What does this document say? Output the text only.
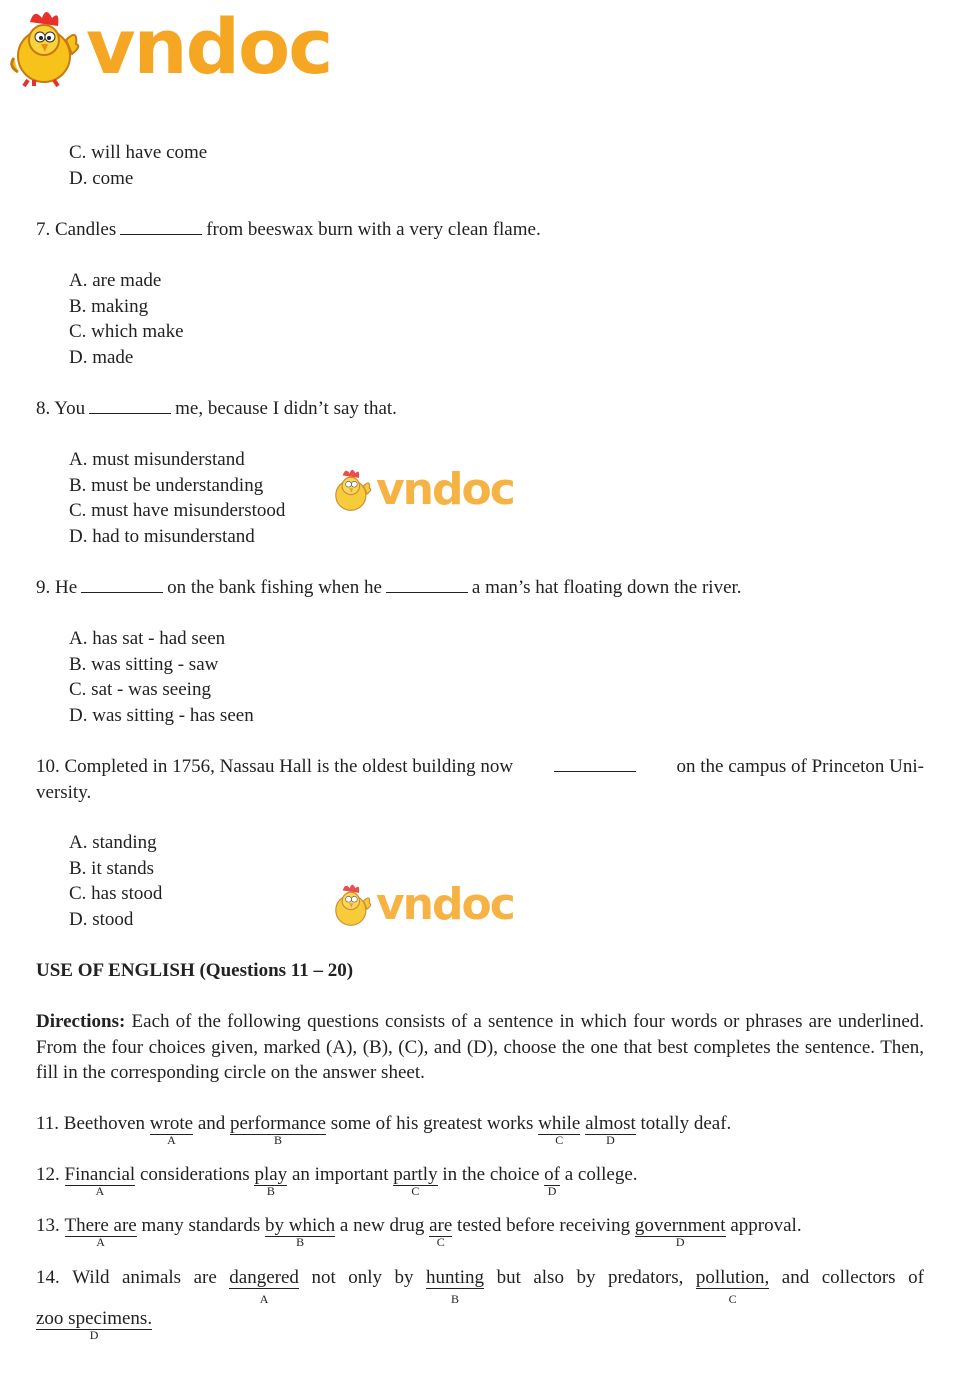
vndoc
vndoc
C. will have come
D. come
7. Candles	from beeswax burn with a very clean flame.
A. are made
B. making
C. which make
D. made
8. You	me, because I didn’t say that.
A. must misunderstand
B. must be understanding
C. must have misunderstood
D. had to misunderstand
9. He	on the bank fishing when he	a man’s hat floating down the river.
A. has sat - had seen
B. was sitting - saw
C. sat - was seeing
D. was sitting - has seen
10. Completed in 1756, Nassau Hall is the oldest building now	on the campus of Princeton Uni-
versity.
A. standing
B. it stands
C. has stood
D. stood	vndoc
USE OF ENGLISH (Questions 11 – 20)
Directions: Each of the following questions consists of a sentence in which four words or phrases are underlined. From the four choices given, marked (A), (B), (C), and (D), choose the one that best completes the sentence. Then, fill in the corresponding circle on the answer sheet.
11. Beethoven wrote
A
and performance
B
some of his greatest works while
C
almost
D
totally deaf.
12. Financial
A
considerations play
B
an important partly
C
in the choice of
D
a college.
13. There are
A
many standards by which
B
a new drug are
C
tested before receiving government
D
approval.
14. Wild animals are dangered
A
not only by hunting
B
but also by predators, pollution,
C
and collectors of
zoo specimens.
D
